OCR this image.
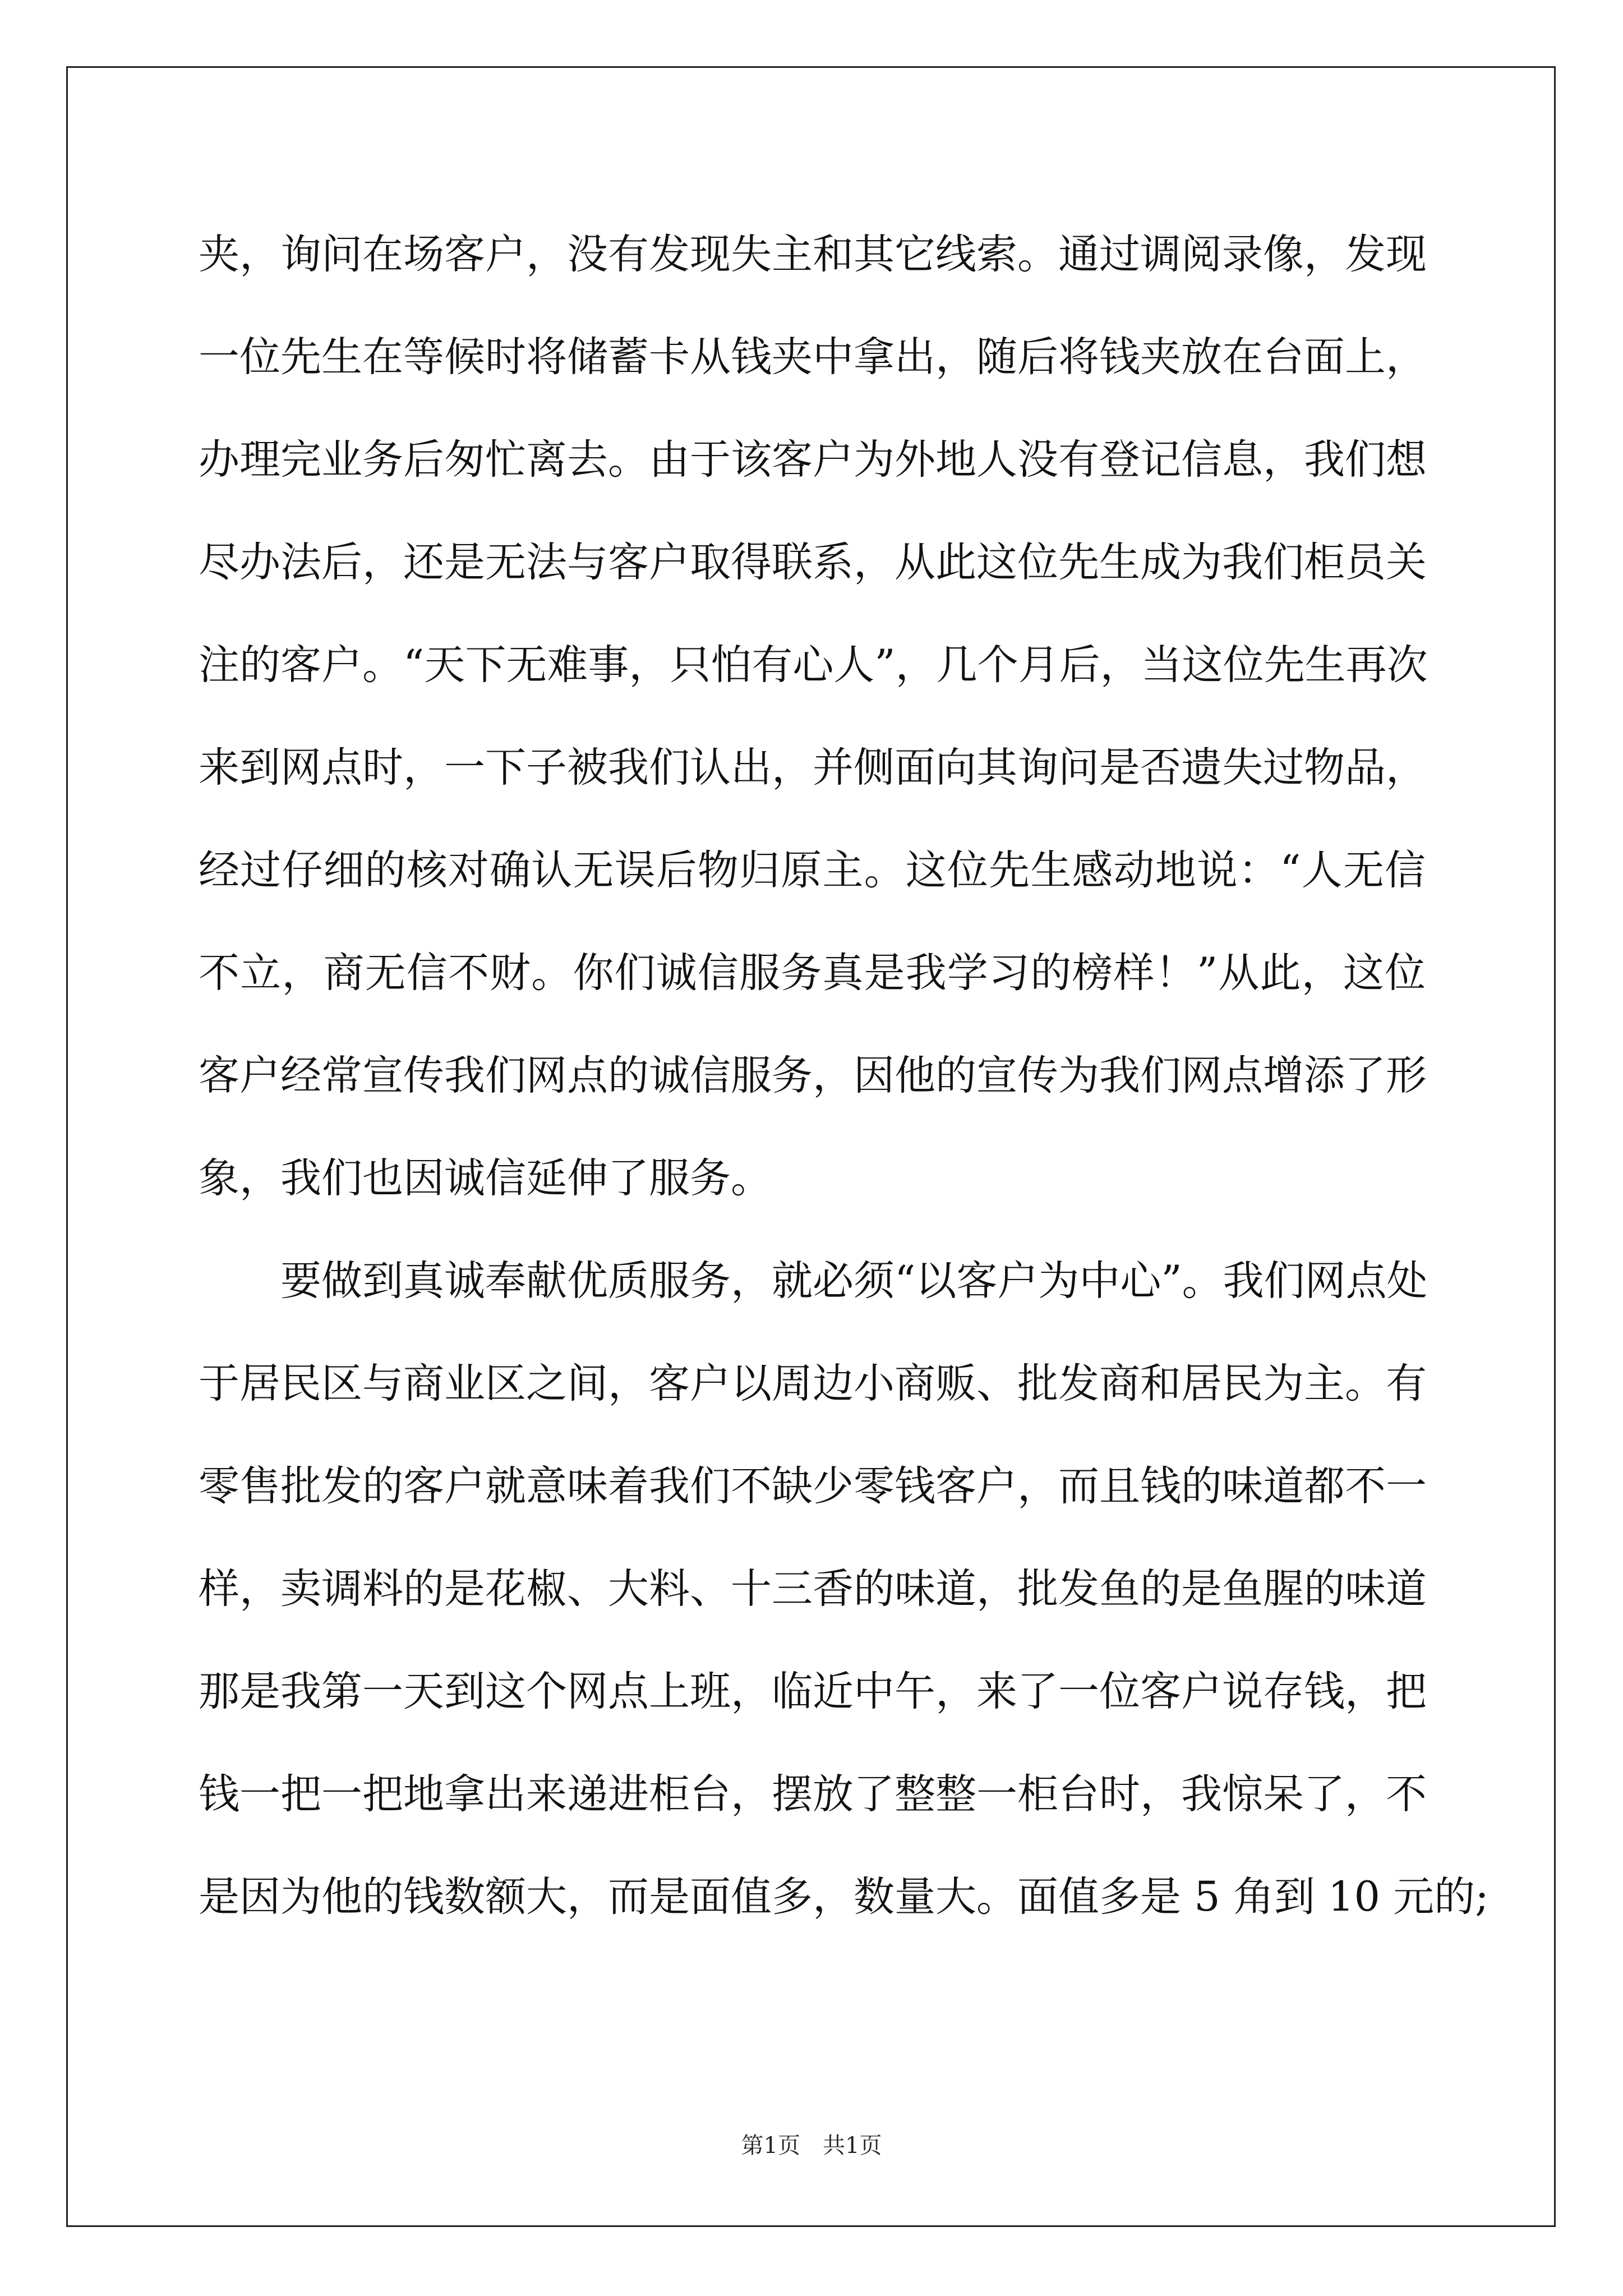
夹，询问在场客户，没有发现失主和其它线索。通过调阅录像，发现
一位先生在等候时将储蓄卡从钱夹中拿出，随后将钱夹放在台面上，
办理完业务后匆忙离去。由于该客户为外地人没有登记信息，我们想
尽办法后，还是无法与客户取得联系，从此这位先生成为我们柜员关
注的客户。“天下无难事，只怕有心人”，几个月后，当这位先生再次
来到网点时，一下子被我们认出，并侧面向其询问是否遗失过物品，
经过仔细的核对确认无误后物归原主。这位先生感动地说：“人无信
不立，商无信不财。你们诚信服务真是我学习的榜样！”从此，这位
客户经常宣传我们网点的诚信服务，因他的宣传为我们网点增添了形
象，我们也因诚信延伸了服务。
要做到真诚奉献优质服务，就必须“以客户为中心”。我们网点处
于居民区与商业区之间，客户以周边小商贩、批发商和居民为主。有
零售批发的客户就意味着我们不缺少零钱客户，而且钱的味道都不一
样，卖调料的是花椒、大料、十三香的味道，批发鱼的是鱼腥的味道
那是我第一天到这个网点上班，临近中午，来了一位客户说存钱，把
钱一把一把地拿出来递进柜台，摆放了整整一柜台时，我惊呆了，不
是因为他的钱数额大，而是面值多，数量大。面值多是 5 角到 10 元的;
第1页　共1页
